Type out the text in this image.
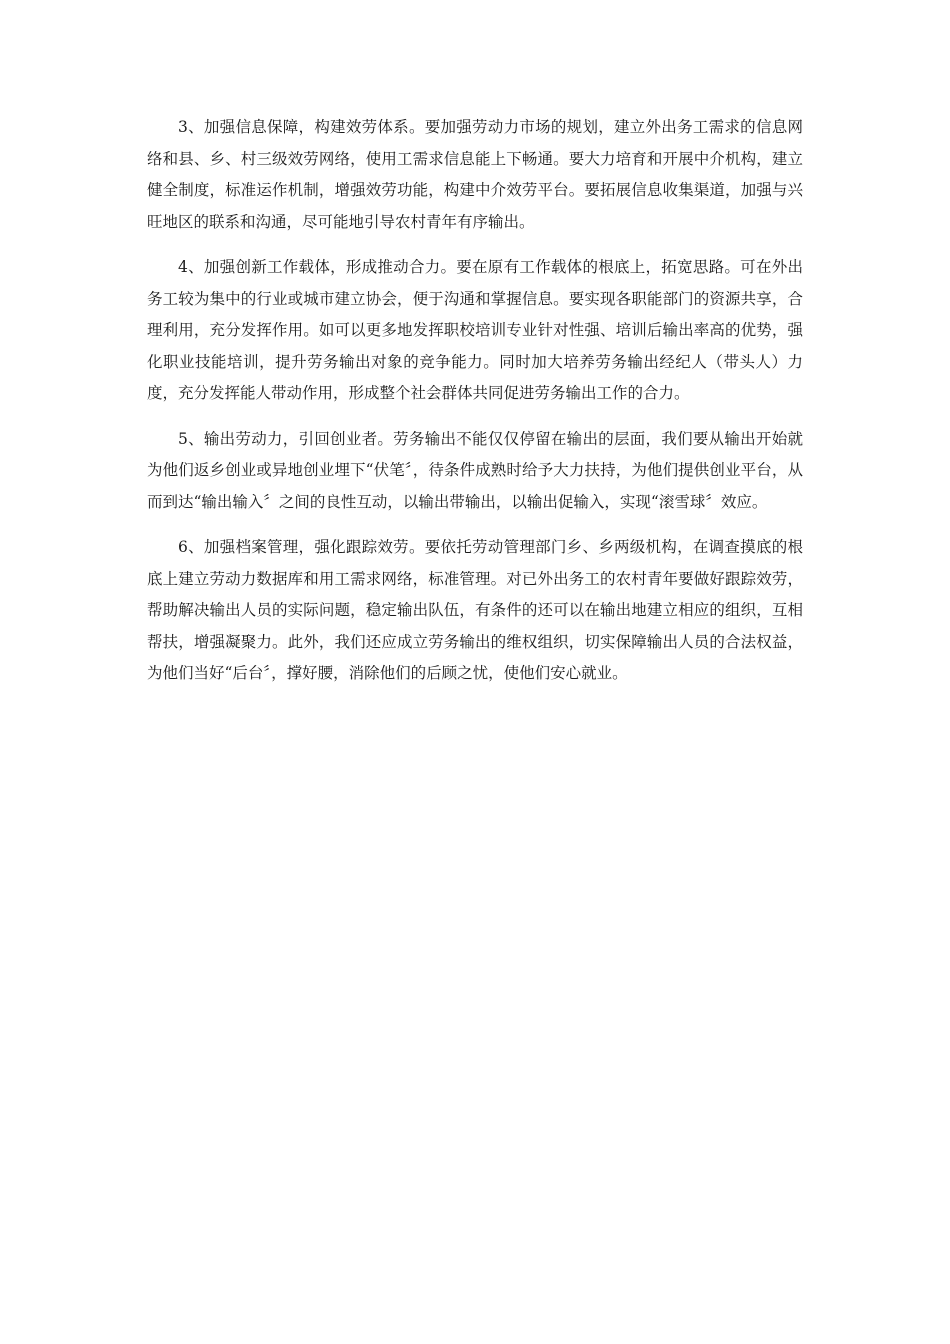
3、加强信息保障，构建效劳体系。要加强劳动力市场的规划，建立外出务工需求的信息网络和县、乡、村三级效劳网络，使用工需求信息能上下畅通。要大力培育和开展中介机构，建立健全制度，标准运作机制，增强效劳功能，构建中介效劳平台。要拓展信息收集渠道，加强与兴旺地区的联系和沟通，尽可能地引导农村青年有序输出。

4、加强创新工作载体，形成推动合力。要在原有工作载体的根底上，拓宽思路。可在外出务工较为集中的行业或城市建立协会，便于沟通和掌握信息。要实现各职能部门的资源共享，合理利用，充分发挥作用。如可以更多地发挥职校培训专业针对性强、培训后输出率高的优势，强化职业技能培训，提升劳务输出对象的竞争能力。同时加大培养劳务输出经纪人（带头人）力度，充分发挥能人带动作用，形成整个社会群体共同促进劳务输出工作的合力。

5、输出劳动力，引回创业者。劳务输出不能仅仅停留在输出的层面，我们要从输出开始就为他们返乡创业或异地创业埋下“伏笔〞，待条件成熟时给予大力扶持，为他们提供创业平台，从而到达“输出输入〞之间的良性互动，以输出带输出，以输出促输入，实现“滚雪球〞效应。

6、加强档案管理，强化跟踪效劳。要依托劳动管理部门乡、乡两级机构，在调查摸底的根底上建立劳动力数据库和用工需求网络，标准管理。对已外出务工的农村青年要做好跟踪效劳，帮助解决输出人员的实际问题，稳定输出队伍，有条件的还可以在输出地建立相应的组织，互相帮扶，增强凝聚力。此外，我们还应成立劳务输出的维权组织，切实保障输出人员的合法权益，为他们当好“后台〞，撑好腰，消除他们的后顾之忧，使他们安心就业。
